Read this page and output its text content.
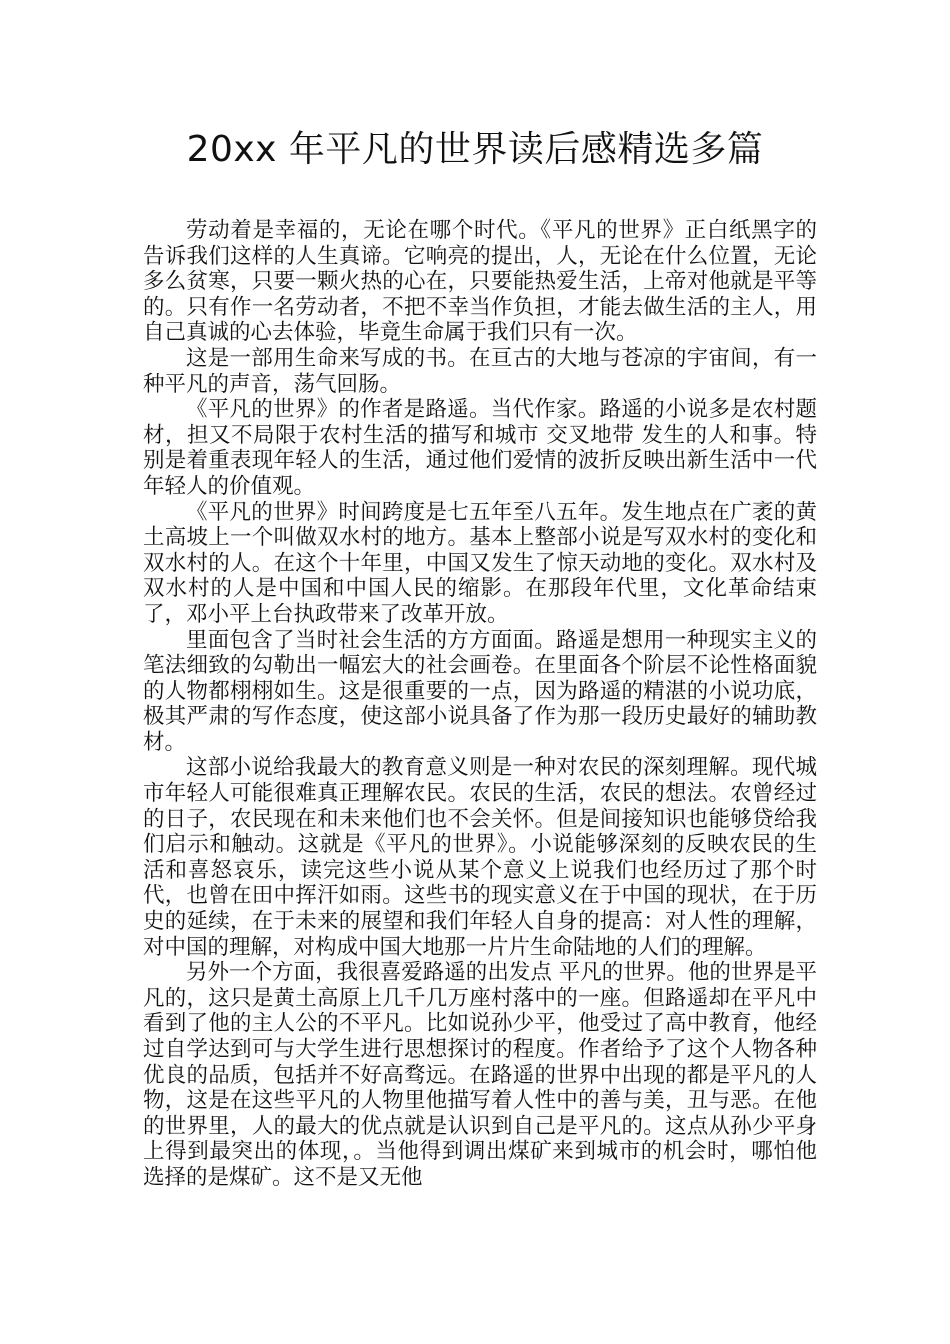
20xx 年平凡的世界读后感精选多篇

劳动着是幸福的，无论在哪个时代。《平凡的世界》正白纸黑字的告诉我们这样的人生真谛。它响亮的提出，人，无论在什么位置，无论多么贫寒，只要一颗火热的心在，只要能热爱生活，上帝对他就是平等的。只有作一名劳动者，不把不幸当作负担，才能去做生活的主人，用自己真诚的心去体验，毕竟生命属于我们只有一次。

这是一部用生命来写成的书。在亘古的大地与苍凉的宇宙间，有一种平凡的声音，荡气回肠。

《平凡的世界》的作者是路遥。当代作家。路遥的小说多是农村题材，担又不局限于农村生活的描写和城市 交叉地带 发生的人和事。特别是着重表现年轻人的生活，通过他们爱情的波折反映出新生活中一代年轻人的价值观。

《平凡的世界》时间跨度是七五年至八五年。发生地点在广袤的黄土高坡上一个叫做双水村的地方。基本上整部小说是写双水村的变化和双水村的人。在这个十年里，中国又发生了惊天动地的变化。双水村及双水村的人是中国和中国人民的缩影。在那段年代里，文化革命结束了，邓小平上台执政带来了改革开放。

里面包含了当时社会生活的方方面面。路遥是想用一种现实主义的笔法细致的勾勒出一幅宏大的社会画卷。在里面各个阶层不论性格面貌的人物都栩栩如生。这是很重要的一点，因为路遥的精湛的小说功底，极其严肃的写作态度，使这部小说具备了作为那一段历史最好的辅助教材。

这部小说给我最大的教育意义则是一种对农民的深刻理解。现代城市年轻人可能很难真正理解农民。农民的生活，农民的想法。农曾经过的日子，农民现在和未来他们也不会关怀。但是间接知识也能够贷给我们启示和触动。这就是《平凡的世界》。小说能够深刻的反映农民的生活和喜怒哀乐，读完这些小说从某个意义上说我们也经历过了那个时代，也曾在田中挥汗如雨。这些书的现实意义在于中国的现状，在于历史的延续，在于未来的展望和我们年轻人自身的提高：对人性的理解，对中国的理解，对构成中国大地那一片片生命陆地的人们的理解。

另外一个方面，我很喜爱路遥的出发点 平凡的世界。他的世界是平凡的，这只是黄土高原上几千几万座村落中的一座。但路遥却在平凡中看到了他的主人公的不平凡。比如说孙少平，他受过了高中教育，他经过自学达到可与大学生进行思想探讨的程度。作者给予了这个人物各种优良的品质，包括并不好高骛远。在路遥的世界中出现的都是平凡的人物，这是在这些平凡的人物里他描写着人性中的善与美，丑与恶。在他的世界里，人的最大的优点就是认识到自己是平凡的。这点从孙少平身上得到最突出的体现，。当他得到调出煤矿来到城市的机会时，哪怕他选择的是煤矿。这不是又无他
